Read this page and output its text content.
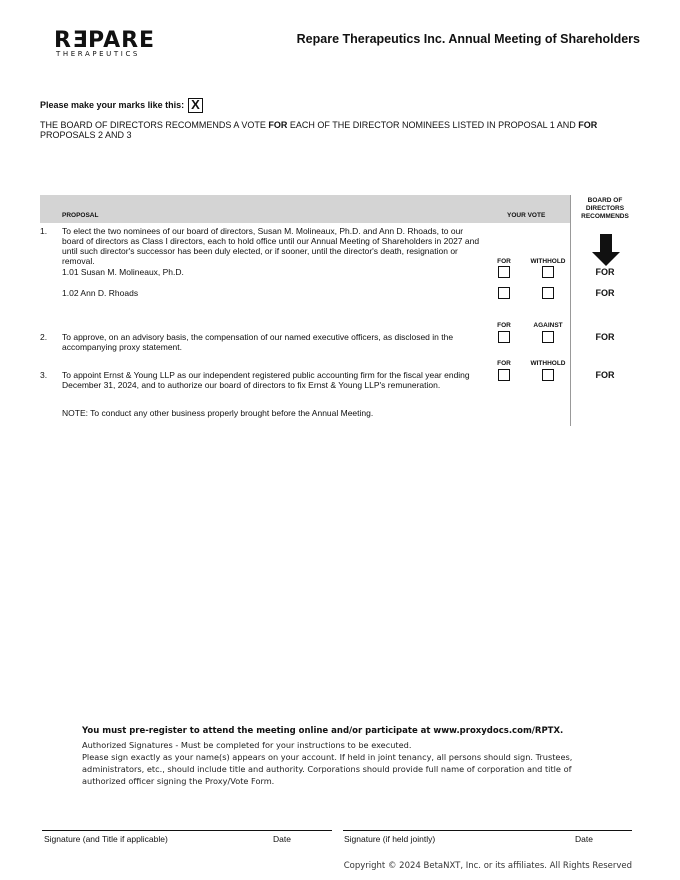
REPARE
THERAPEUTICS
Repare Therapeutics Inc. Annual Meeting of Shareholders
Please make your marks like this: X
THE BOARD OF DIRECTORS RECOMMENDS A VOTE FOR EACH OF THE DIRECTOR NOMINEES LISTED IN PROPOSAL 1 AND FOR PROPOSALS 2 AND 3
PROPOSAL	YOUR VOTE
BOARD OF DIRECTORS RECOMMENDS
1. To elect the two nominees of our board of directors, Susan M. Molineaux, Ph.D. and Ann D. Rhoads, to our board of directors as Class I directors, each to hold office until our Annual Meeting of Shareholders in 2027 and until such director's successor has been duly elected, or if sooner, until the director's death, resignation or removal.	FOR	WITHHOLD
1.01 Susan M. Molineaux, Ph.D.	FOR
1.02 Ann D. Rhoads	FOR
FOR	AGAINST
2. To approve, on an advisory basis, the compensation of our named executive officers, as disclosed in the accompanying proxy statement.
FOR
FOR	WITHHOLD
3. To appoint Ernst & Young LLP as our independent registered public accounting firm for the fiscal year ending December 31, 2024, and to authorize our board of directors to fix Ernst & Young LLP's remuneration.
FOR
NOTE: To conduct any other business properly brought before the Annual Meeting.
You must pre-register to attend the meeting online and/or participate at www.proxydocs.com/RPTX.
Authorized Signatures - Must be completed for your instructions to be executed.
Please sign exactly as your name(s) appears on your account. If held in joint tenancy, all persons should sign. Trustees, administrators, etc., should include title and authority. Corporations should provide full name of corporation and title of authorized officer signing the Proxy/Vote Form.
Signature (and Title if applicable)	Date	Signature (if held jointly)	Date
Copyright © 2024 BetaNXT, Inc. or its affiliates. All Rights Reserved
